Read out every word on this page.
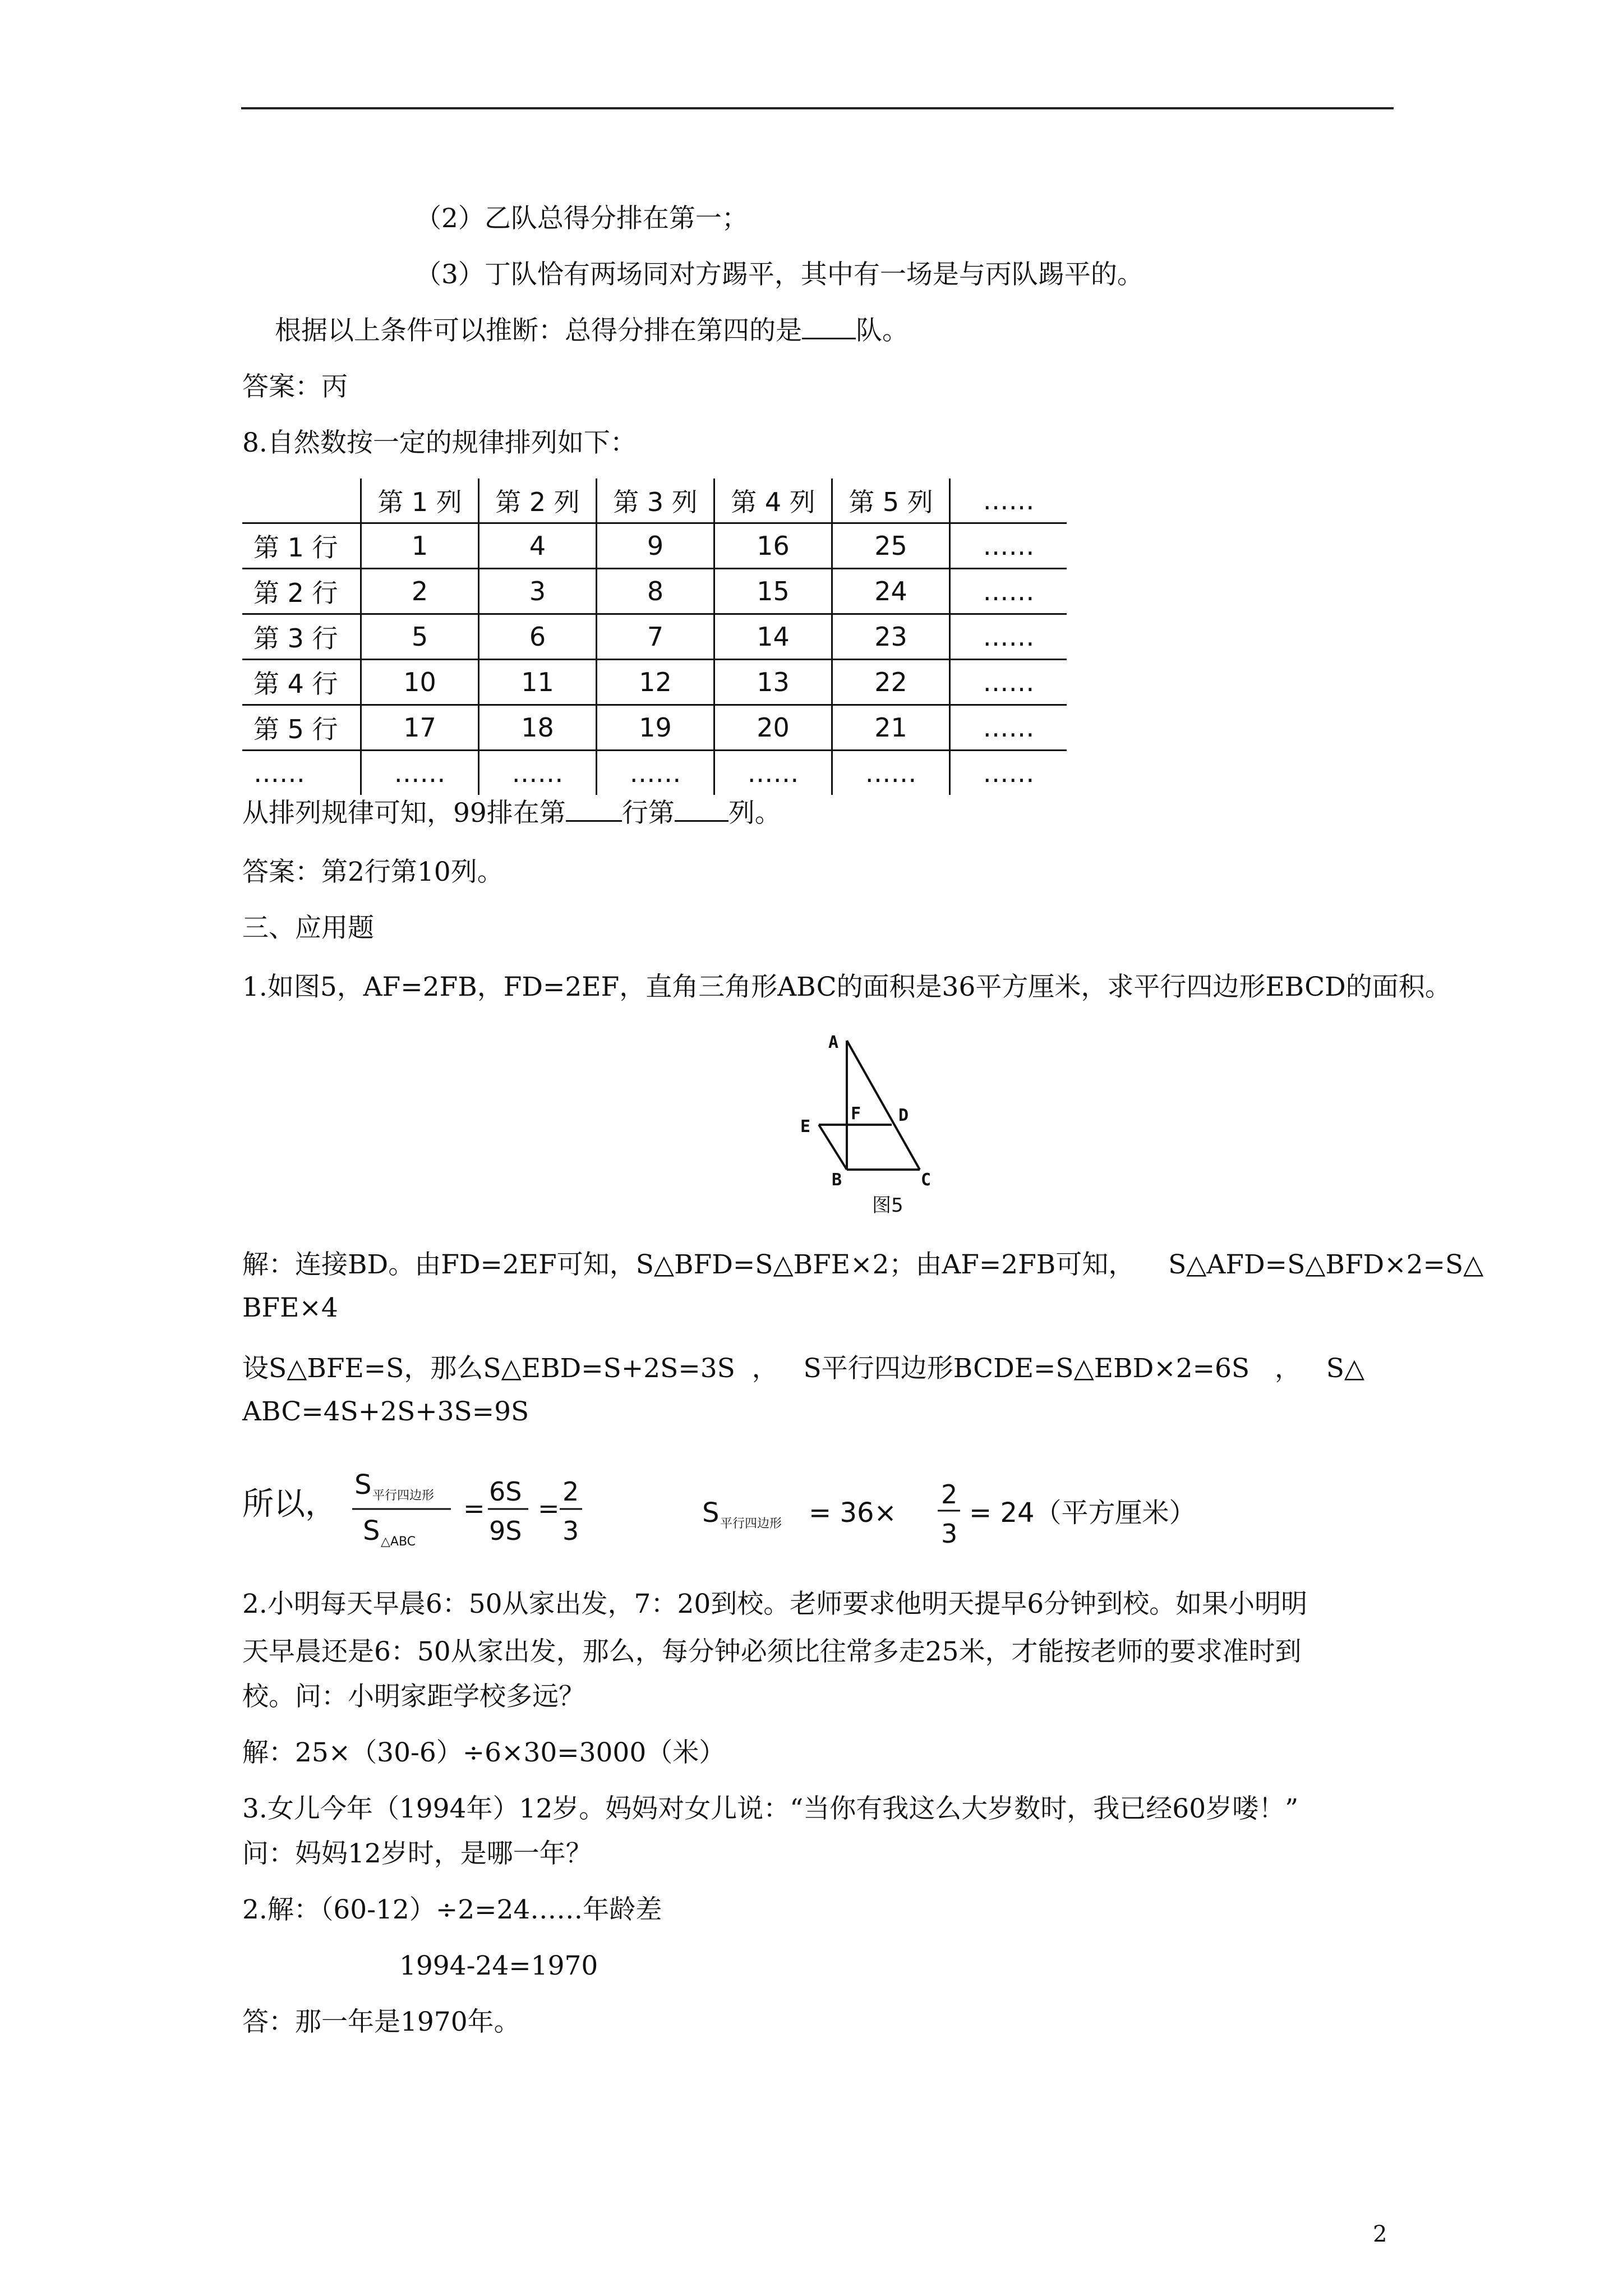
（2）乙队总得分排在第一；
（3）丁队恰有两场同对方踢平，其中有一场是与丙队踢平的。
根据以上条件可以推断：总得分排在第四的是 队。
答案：丙
8.自然数按一定的规律排列如下：
	第 1 列	第 2 列	第 3 列	第 4 列	第 5 列	……
第 1 行	1	4	9	16	25	……
第 2 行	2	3	8	15	24	……
第 3 行	5	6	7	14	23	……
第 4 行	10	11	12	13	22	……
第 5 行	17	18	19	20	21	……
……	……	……	……	……	……	……
从排列规律可知，99排在第 行第 列。
答案：第2行第10列。
三、应用题
1.如图5，AF=2FB，FD=2EF，直角三角形ABC的面积是36平方厘米，求平行四边形EBCD的面积。
A
F D
E
B	C
图5
解：连接BD。由FD=2EF可知，S△BFD=S△BFE×2；由AF=2FB可知，    S△AFD=S△BFD×2=S△
BFE×4
设S△BFE=S，那么S△EBD=S+2S=3S  ，   S平行四边形BCDE=S△EBD×2=6S   ，   S△
ABC=4S+2S+3S=9S
所以，
S 平行四边形
S △ABC
=
6S
9S
=
2
3
S 平行四边形 = 36×
2
3
= 24（平方厘米）
2.小明每天早晨6：50从家出发，7：20到校。老师要求他明天提早6分钟到校。如果小明明
天早晨还是6：50从家出发，那么，每分钟必须比往常多走25米，才能按老师的要求准时到
校。问：小明家距学校多远？
解：25×（30-6）÷6×30=3000（米）
3.女儿今年（1994年）12岁。妈妈对女儿说：“当你有我这么大岁数时，我已经60岁喽！”
问：妈妈12岁时，是哪一年？
2.解：（60-12）÷2=24……年龄差
1994-24=1970
答：那一年是1970年。
2
